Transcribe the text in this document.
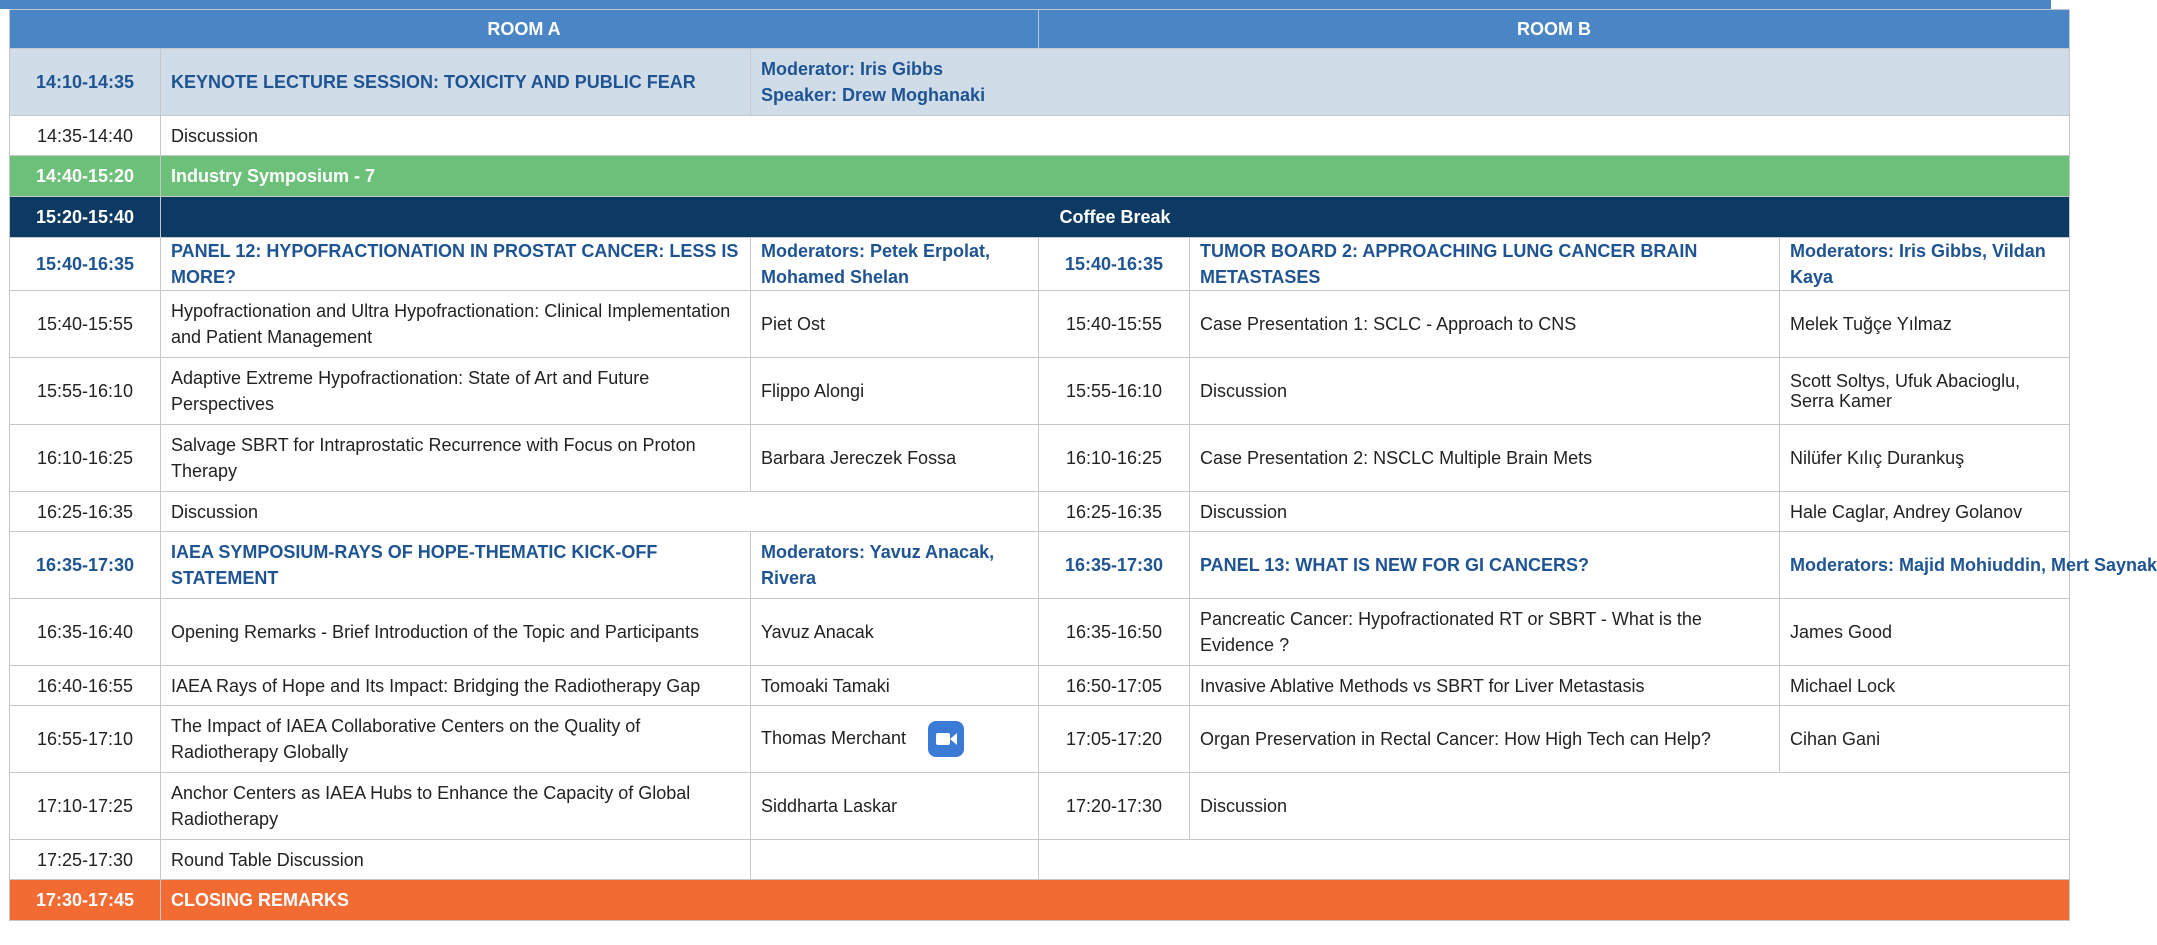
ROOM A			ROOM B		
14:10-14:35	KEYNOTE LECTURE SESSION: TOXICITY AND PUBLIC FEAR	Moderator: Iris Gibbs
Speaker: Drew Moghanaki			

14:35-14:40	Discussion				
14:40-15:20	Industry Symposium - 7				
15:20-15:40	Coffee Break				
15:40-16:35	PANEL 12: HYPOFRACTIONATION IN PROSTAT CANCER: LESS IS MORE?	Moderators: Petek Erpolat, Mohamed Shelan	15:40-16:35	TUMOR BOARD 2: APPROACHING LUNG CANCER BRAIN METASTASES	Moderators: Iris Gibbs, Vildan Kaya
15:40-15:55	Hypofractionation and Ultra Hypofractionation: Clinical Implementation and Patient Management	Piet Ost	15:40-15:55	Case Presentation 1: SCLC - Approach to CNS	Melek Tuğçe Yılmaz
15:55-16:10	Adaptive Extreme Hypofractionation: State of Art and Future Perspectives	Flippo Alongi	15:55-16:10	Discussion	Scott Soltys, Ufuk Abacioglu, Serra Kamer
16:10-16:25	Salvage SBRT for Intraprostatic Recurrence with Focus on Proton Therapy	Barbara Jereczek Fossa	16:10-16:25	Case Presentation 2: NSCLC Multiple Brain Mets	Nilüfer Kılıç Durankuş
16:25-16:35	Discussion		16:25-16:35	Discussion	Hale Caglar, Andrey Golanov
16:35-17:30	IAEA SYMPOSIUM-RAYS OF HOPE-THEMATIC KICK-OFF STATEMENT	Moderators: Yavuz Anacak, Rivera	16:35-17:30	PANEL 13: WHAT IS NEW FOR GI CANCERS?	Moderators: Majid Mohiuddin, Mert Saynak
16:35-16:40	Opening Remarks - Brief Introduction of the Topic and Participants	Yavuz Anacak	16:35-16:50	Pancreatic Cancer: Hypofractionated RT or SBRT - What is the Evidence ?	James Good
16:40-16:55	IAEA Rays of Hope and Its Impact: Bridging the Radiotherapy Gap	Tomoaki Tamaki	16:50-17:05	Invasive Ablative Methods vs SBRT for Liver Metastasis	Michael Lock
16:55-17:10	The Impact of IAEA Collaborative Centers on the Quality of Radiotherapy Globally	Thomas Merchant	17:05-17:20	Organ Preservation in Rectal Cancer: How High Tech can Help?	Cihan Gani
17:10-17:25	Anchor Centers as IAEA Hubs to Enhance the Capacity of Global Radiotherapy	Siddharta Laskar	17:20-17:30	Discussion	
17:25-17:30	Round Table Discussion				
17:30-17:45	CLOSING REMARKS				
